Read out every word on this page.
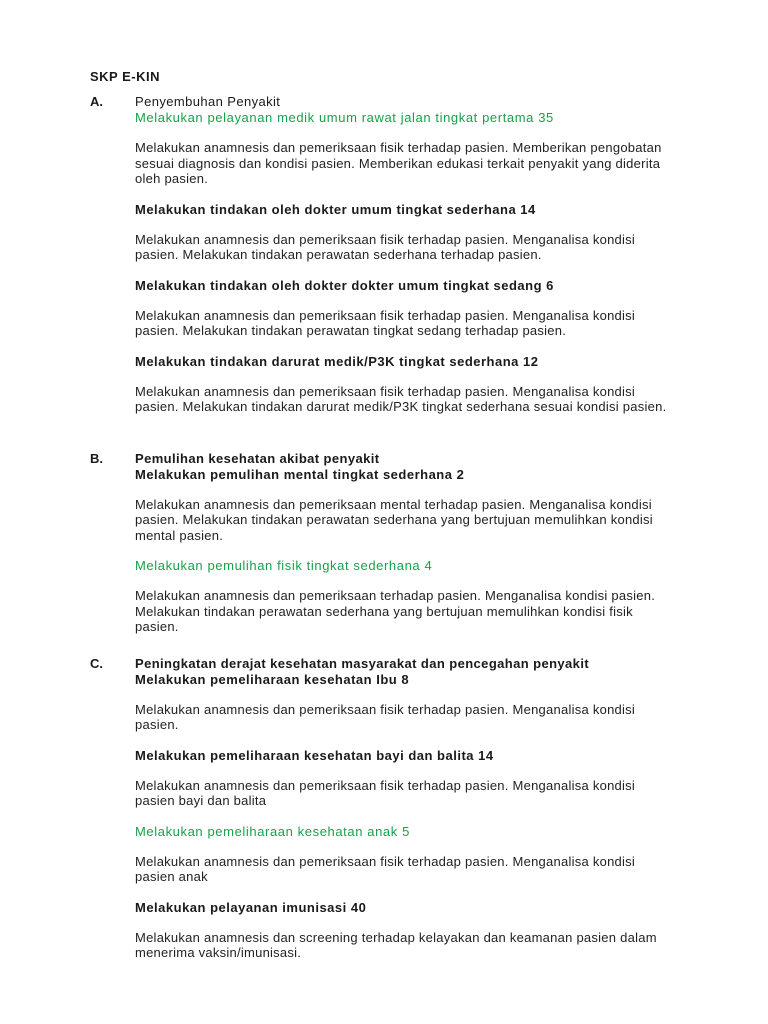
SKP E-KIN
A. Penyembuhan Penyakit

Melakukan pelayanan medik umum rawat jalan tingkat pertama 35

Melakukan anamnesis dan pemeriksaan fisik terhadap pasien. Memberikan pengobatan sesuai diagnosis dan kondisi pasien. Memberikan edukasi terkait penyakit yang diderita oleh pasien.

Melakukan tindakan oleh dokter umum tingkat sederhana 14

Melakukan anamnesis dan pemeriksaan fisik terhadap pasien. Menganalisa kondisi pasien. Melakukan tindakan perawatan sederhana terhadap pasien.

Melakukan tindakan oleh dokter dokter umum tingkat sedang 6

Melakukan anamnesis dan pemeriksaan fisik terhadap pasien. Menganalisa kondisi pasien. Melakukan tindakan perawatan tingkat sedang terhadap pasien.

Melakukan tindakan darurat medik/P3K tingkat sederhana 12

Melakukan anamnesis dan pemeriksaan fisik terhadap pasien. Menganalisa kondisi pasien. Melakukan tindakan darurat medik/P3K tingkat sederhana sesuai kondisi pasien.

B. Pemulihan kesehatan akibat penyakit

Melakukan pemulihan mental tingkat sederhana 2

Melakukan anamnesis dan pemeriksaan mental terhadap pasien. Menganalisa kondisi pasien. Melakukan tindakan perawatan sederhana yang bertujuan memulihkan kondisi mental pasien.

Melakukan pemulihan fisik tingkat sederhana 4

Melakukan anamnesis dan pemeriksaan terhadap pasien. Menganalisa kondisi pasien. Melakukan tindakan perawatan sederhana yang bertujuan memulihkan kondisi fisik pasien.

C. Peningkatan derajat kesehatan masyarakat dan pencegahan penyakit

Melakukan pemeliharaan kesehatan Ibu 8

Melakukan anamnesis dan pemeriksaan fisik terhadap pasien. Menganalisa kondisi pasien.

Melakukan pemeliharaan kesehatan bayi dan balita 14

Melakukan anamnesis dan pemeriksaan fisik terhadap pasien. Menganalisa kondisi pasien bayi dan balita

Melakukan pemeliharaan kesehatan anak 5

Melakukan anamnesis dan pemeriksaan fisik terhadap pasien. Menganalisa kondisi pasien anak

Melakukan pelayanan imunisasi 40

Melakukan anamnesis dan screening terhadap kelayakan dan keamanan pasien dalam menerima vaksin/imunisasi.
